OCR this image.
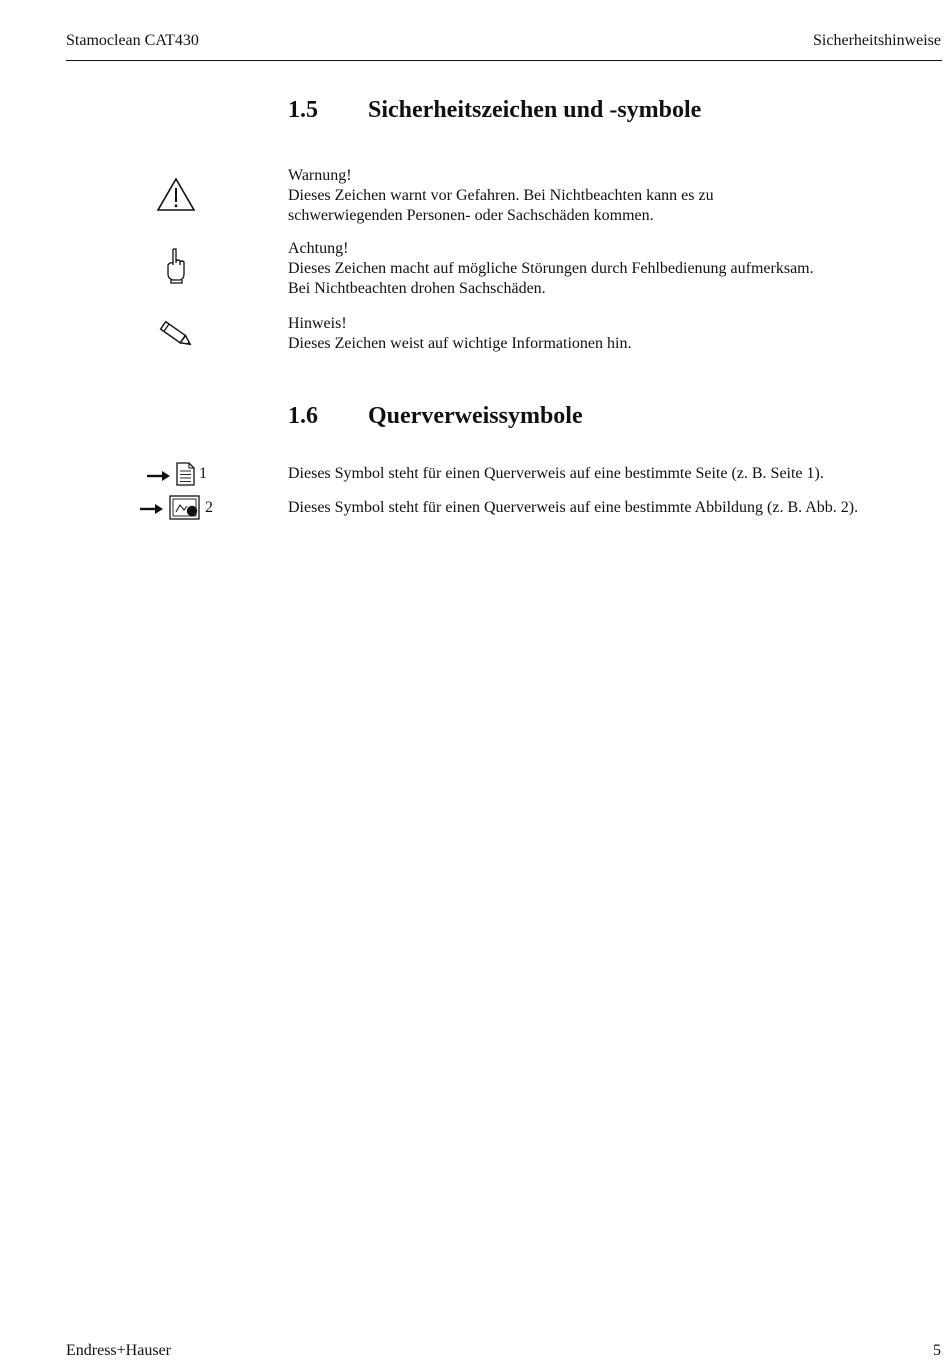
Stamoclean CAT430	Sicherheitshinweise
1.5 Sicherheitszeichen und -symbole
Warnung!
Dieses Zeichen warnt vor Gefahren. Bei Nichtbeachten kann es zu
schwerwiegenden Personen- oder Sachschäden kommen.
Achtung!
Dieses Zeichen macht auf mögliche Störungen durch Fehlbedienung aufmerksam.
Bei Nichtbeachten drohen Sachschäden.
Hinweis!
Dieses Zeichen weist auf wichtige Informationen hin.
1.6 Querverweissymbole
1	Dieses Symbol steht für einen Querverweis auf eine bestimmte Seite (z. B. Seite 1).
2	Dieses Symbol steht für einen Querverweis auf eine bestimmte Abbildung (z. B. Abb. 2).
Endress+Hauser	5
